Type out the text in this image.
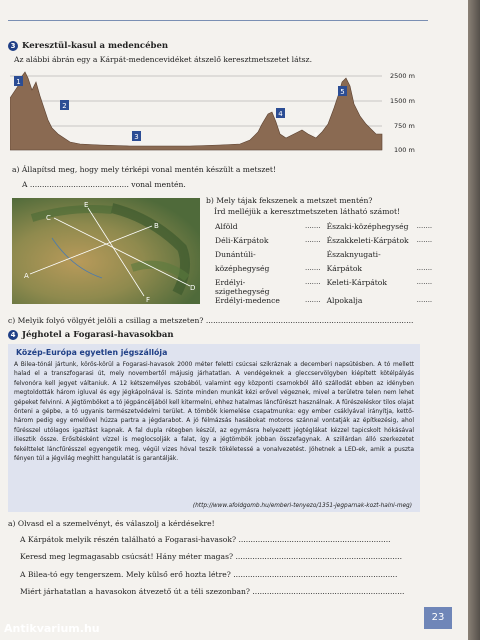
3 Keresztül-kasul a medencében
Az alábbi ábrán egy a Kárpát-medencevidéket átszelő keresztmetszetet látsz.
1
2
3
4
5
*
2500 m
1500 m
750 m
100 m
a) Állapítsd meg, hogy mely térképi vonal mentén készült a metszet!
A ......................................... vonal mentén.
A
B
C
D
E
F
b) Mely tájak fekszenek a metszet mentén?
Írd melléjük a keresztmetszeten látható számot!
Alföld	.......	Északi-középhegység	.......
Déli-Kárpátok	.......	Északkeleti-Kárpátok	.......
Dunántúli-		Északnyugati-	
középhegység	.......	Kárpátok	.......
Erdélyi-szigethegység	.......	Keleti-Kárpátok	.......
Erdélyi-medence	.......	Alpokalja	.......
c) Melyik folyó völgyét jelöli a csillag a metszeten? ......................................................................................
4 Jéghotel a Fogarasi-havasokban
Közép-Európa egyetlen jégszállója
A Bilea-tónál jártunk, körös-körül a Fogarasi-havasok 2000 méter feletti csúcsai szikráznak a decemberi napsütésben. A tó mellett halad el a transzfogarasi út, mely novembertől májusig járhatatlan. A vendégeknek a gleccservölgyben kiépített kötélpályás felvonóra kell jegyet váltaniuk. A 12 kétszemélyes szobából, valamint egy központi csarnokból álló szállodát ebben az idényben megtoldották három igluval és egy jégkápolnával is. Szinte minden munkát kézi erővel végeznek, mivel a területre telen nem lehet gépeket felvinni. A jégtömböket a tó jégpáncéljából kell kitermelni, ehhez hatalmas láncfűrészt használnak. A fűrészeléskor tilos olajat önteni a gépbe, a tó ugyanis természetvédelmi terület. A tömbök kiemelése csapatmunka: egy ember csáklyával irányítja, kettő-három pedig egy emelővel húzza partra a jégdarabot. A jó félmázsás hasábokat motoros szánnal vontatják az építkezésig, ahol fűrésszel utólagos igazítást kapnak. A fal dupla rétegben készül, az egymásra helyezett jégtéglákat kézzel tapicskolt hókásával illesztik össze. Erősítésként vízzel is meglocsolják a falat, így a jégtömbök jobban összefagynak. A szillárdan álló szerkezetet fekélttelet láncfűrésszel egyengetik meg, végül vizes hóval teszik tökéletessé a vonalvezetést. Jöhetnek a LED-ek, amik a puszta fényen túl a jégvilág meghitt hangulatát is garantálják.
(http://www.afoldgomb.hu/emberi-tenyezo/1351-jegparnak-kozt-halni-meg)
a) Olvasd el a szemelvényt, és válaszolj a kérdésekre!
A Kárpátok melyik részén található a Fogarasi-havasok? ...............................................................
Keresd meg legmagasabb csúcsát! Hány méter magas? .....................................................................
A Bilea-tó egy tengerszem. Mely külső erő hozta létre? ....................................................................
Miért járhatatlan a havasokon átvezető út a téli szezonban? ...............................................................
23
Antikvarium.hu
